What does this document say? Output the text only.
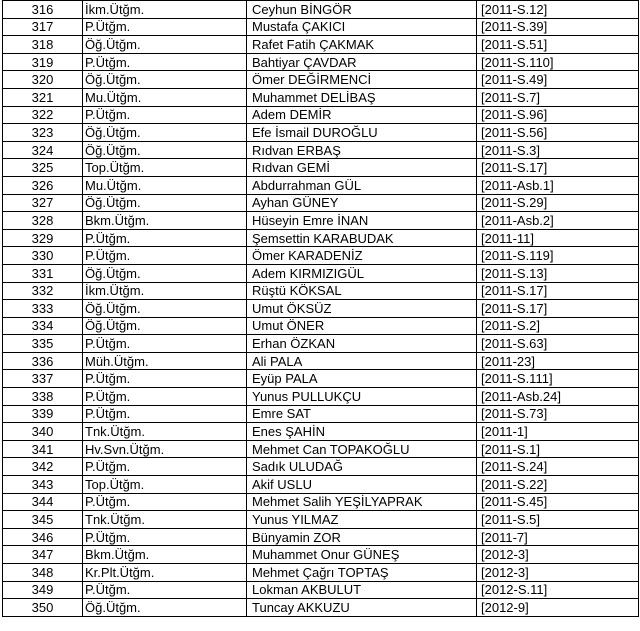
316	İkm.Ütğm.	Ceyhun BİNGÖR	[2011-S.12]
317	P.Ütğm.	Mustafa ÇAKICI	[2011-S.39]
318	Öğ.Ütğm.	Rafet Fatih ÇAKMAK	[2011-S.51]
319	P.Ütğm.	Bahtiyar ÇAVDAR	[2011-S.110]
320	Öğ.Ütğm.	Ömer DEĞİRMENCİ	[2011-S.49]
321	Mu.Ütğm.	Muhammet DELİBAŞ	[2011-S.7]
322	P.Ütğm.	Adem DEMİR	[2011-S.96]
323	Öğ.Ütğm.	Efe İsmail DUROĞLU	[2011-S.56]
324	Öğ.Ütğm.	Rıdvan ERBAŞ	[2011-S.3]
325	Top.Ütğm.	Rıdvan GEMİ	[2011-S.17]
326	Mu.Ütğm.	Abdurrahman GÜL	[2011-Asb.1]
327	Öğ.Ütğm.	Ayhan GÜNEY	[2011-S.29]
328	Bkm.Ütğm.	Hüseyin Emre İNAN	[2011-Asb.2]
329	P.Ütğm.	Şemsettin KARABUDAK	[2011-11]
330	P.Ütğm.	Ömer KARADENİZ	[2011-S.119]
331	Öğ.Ütğm.	Adem KIRMIZIGÜL	[2011-S.13]
332	İkm.Ütğm.	Rüştü KÖKSAL	[2011-S.17]
333	Öğ.Ütğm.	Umut ÖKSÜZ	[2011-S.17]
334	Öğ.Ütğm.	Umut ÖNER	[2011-S.2]
335	P.Ütğm.	Erhan ÖZKAN	[2011-S.63]
336	Müh.Ütğm.	Ali PALA	[2011-23]
337	P.Ütğm.	Eyüp PALA	[2011-S.111]
338	P.Ütğm.	Yunus PULLUKÇU	[2011-Asb.24]
339	P.Ütğm.	Emre SAT	[2011-S.73]
340	Tnk.Ütğm.	Enes ŞAHİN	[2011-1]
341	Hv.Svn.Ütğm.	Mehmet Can TOPAKOĞLU	[2011-S.1]
342	P.Ütğm.	Sadık ULUDAĞ	[2011-S.24]
343	Top.Ütğm.	Akif USLU	[2011-S.22]
344	P.Ütğm.	Mehmet Salih YEŞİLYAPRAK	[2011-S.45]
345	Tnk.Ütğm.	Yunus YILMAZ	[2011-S.5]
346	P.Ütğm.	Bünyamin ZOR	[2011-7]
347	Bkm.Ütğm.	Muhammet Onur GÜNEŞ	[2012-3]
348	Kr.Plt.Ütğm.	Mehmet Çağrı TOPTAŞ	[2012-3]
349	P.Ütğm.	Lokman AKBULUT	[2012-S.11]
350	Öğ.Ütğm.	Tuncay AKKUZU	[2012-9]
